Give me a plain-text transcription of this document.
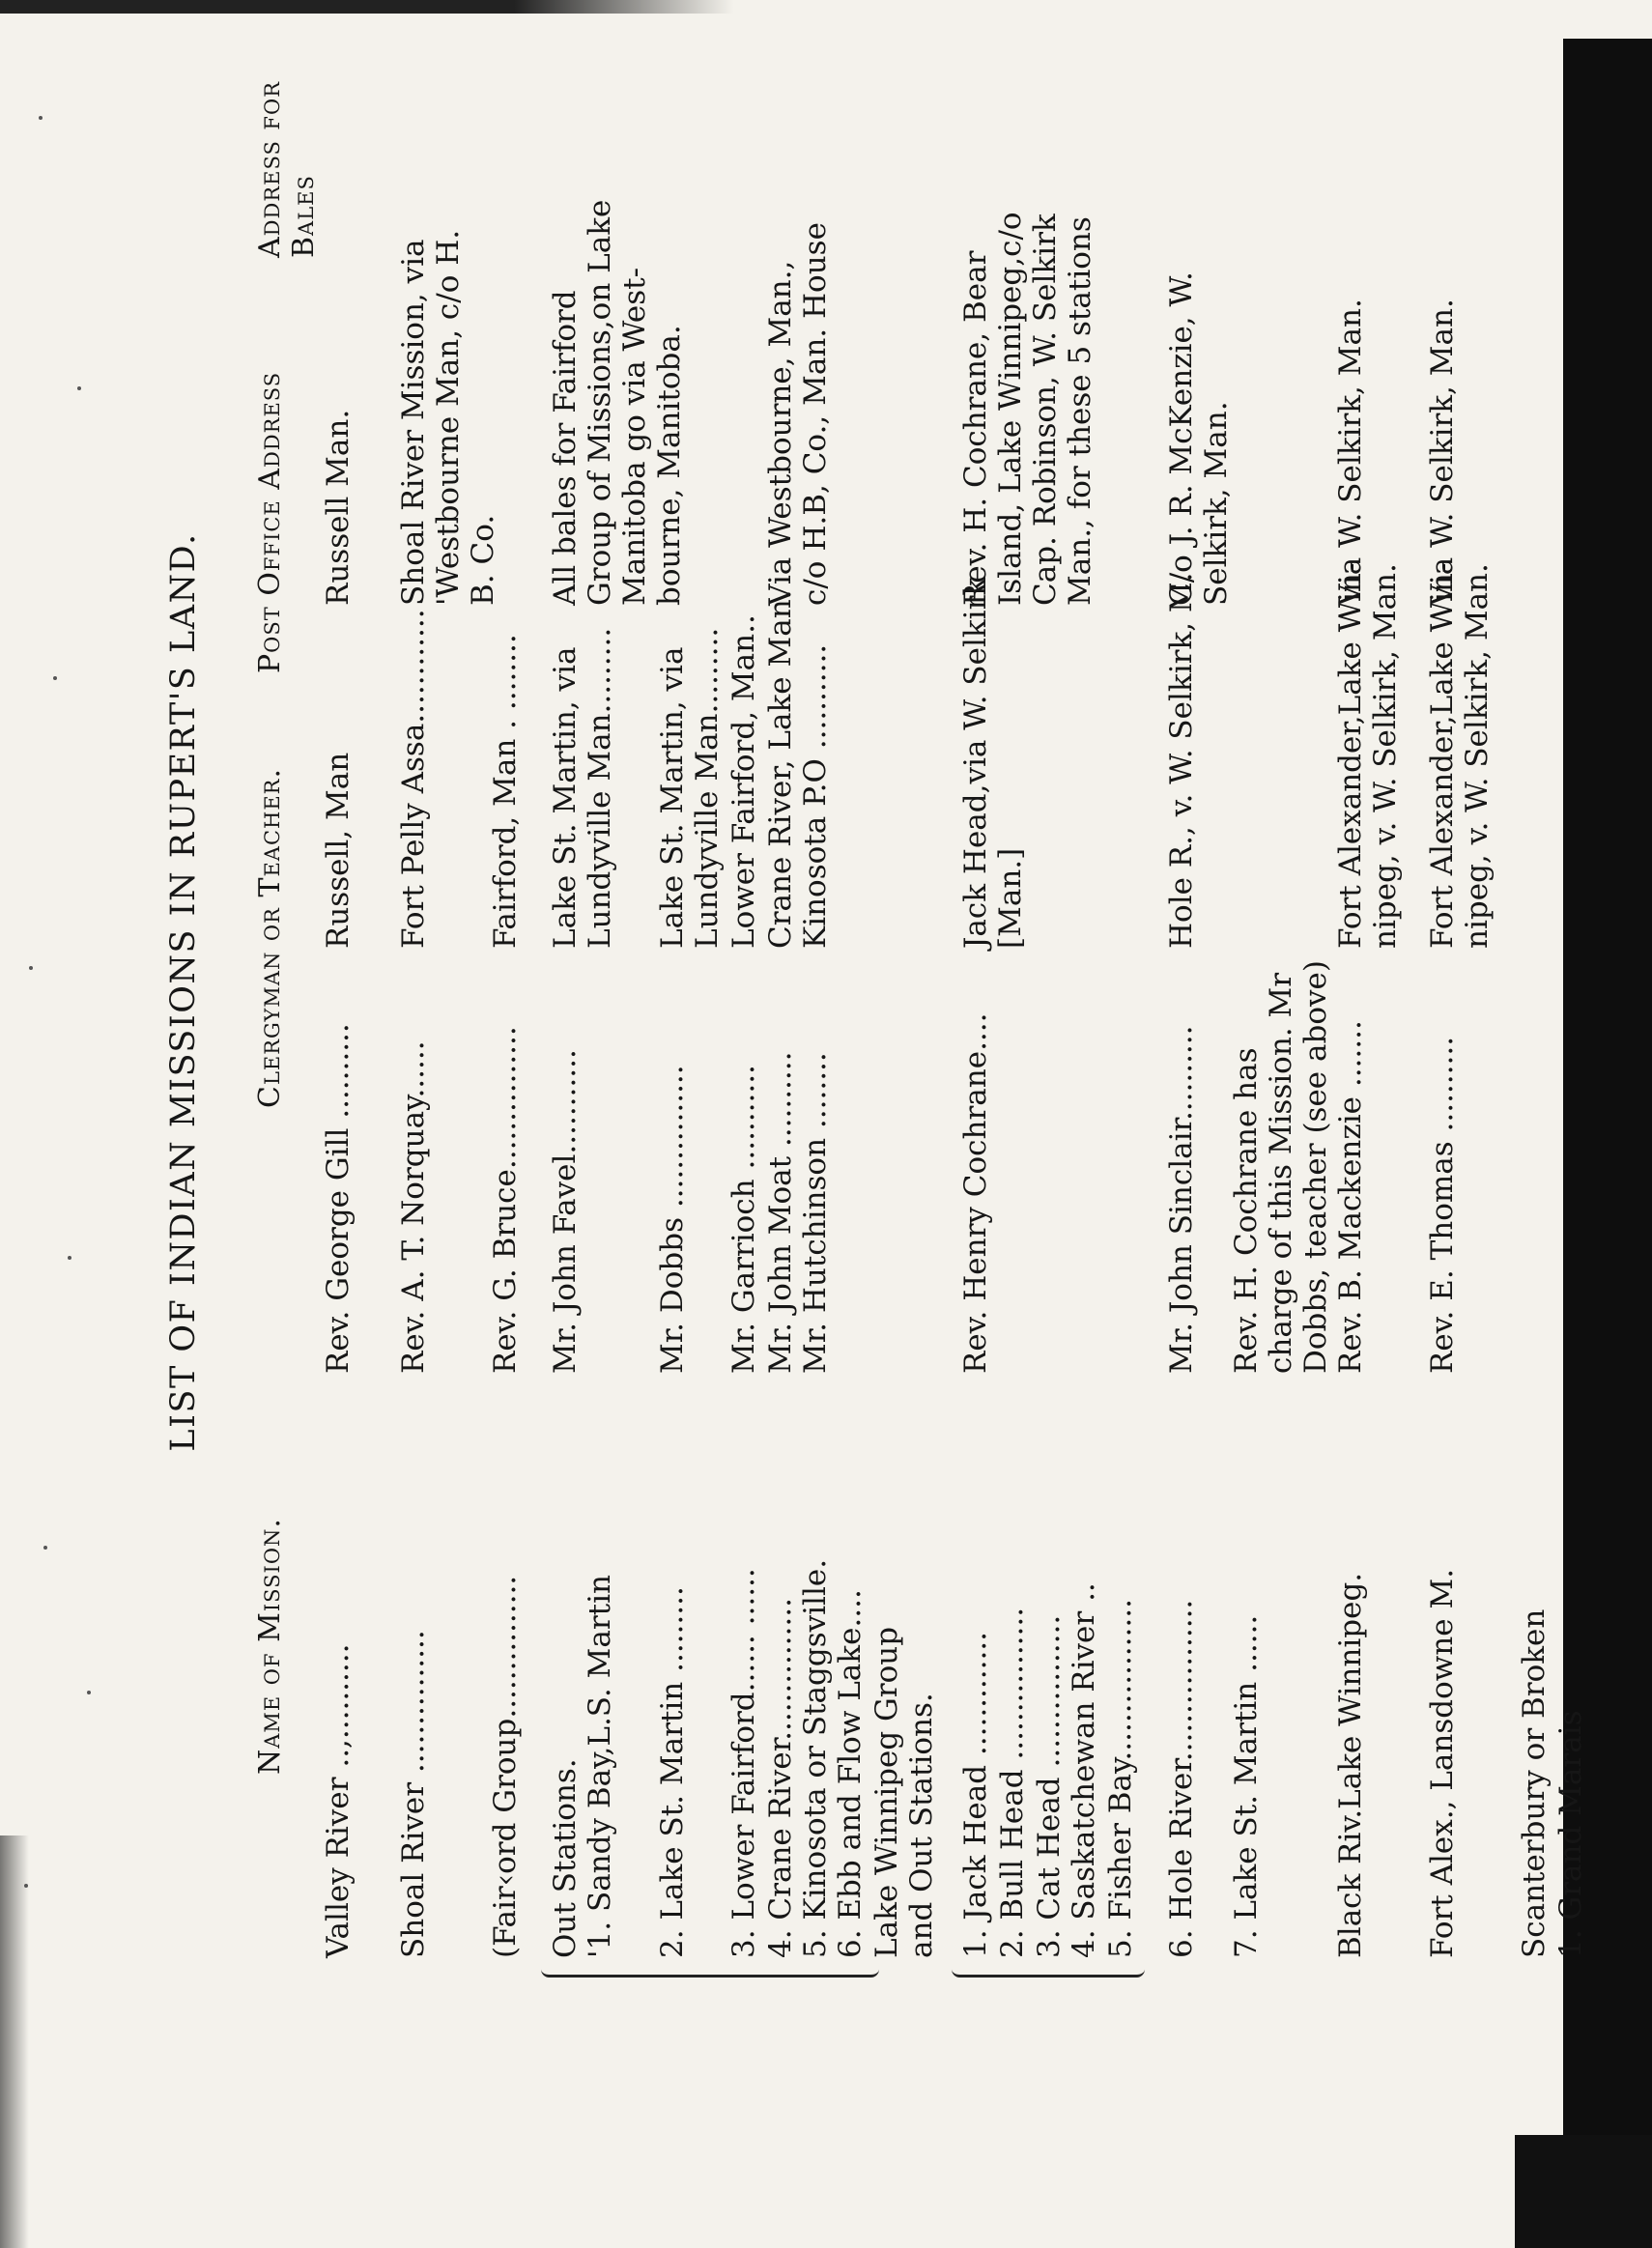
LIST OF INDIAN MISSIONS IN RUPERT'S LAND.
Name of Mission.
Clergyman or Teacher.
Post Office Address
Address for Bales
Valley River ..,..........
Rev. George Gill ..........
Russell, Man
Russell Man.
Shoal River ...............
Rev. A. T. Norquay......
Fort Pelly Assa............
Shoal River Mission, via
'Westbourne Man, c/o H.
B. Co.
(Fair‹ord Group...............
Rev. G. Bruce...............
Fairford, Man . ........
Out Stations.
'1. Sandy Bay,L.S. Martin
Mr. John Favel...........
Lake St. Martin, via
Lundyville Man.........
All bales for Fairford
Group of Missions,on Lake
Manitoba go via West-
bourne, Manitoba.
2. Lake St. Martin .........
Mr. Dobbs ...............
Lake St. Martin, via
Lundyville Man.........
3. Lower Fairford...... ......
Mr. Garrioch ...........
Lower Fairford, Man..
4. Crane River...............
Mr. John Moat ..........
Crane River, Lake Man.
Via Westbourne, Man.,
5. Kinosota or Staggsville.
Mr. Hutchinson ........
Kinosota P.O ...........
c/o H.B, Co., Man. House
6. Ebb and Flow Lake.... Lake Winnipeg Group
and Out Stations. 1. Jack Head .............
Rev. Henry Cochrane....
Jack Head,via W. Selkirk
[Man.]
Rev. H. Cochrane, Bear
Island, Lake Winnipeg,c/o
Cap. Robinson, W. Selkirk
Man., for these 5 stations
2. Bull Head ................ 3. Cat Head ................ 4. Saskatchewan River .. 5. Fisher Bay................. 6. Hole River.................
Mr. John Sinclair..........
Hole R., v. W. Selkirk, M.
C/o J. R. McKenzie, W.
Selkirk, Man.
7. Lake St. Martin ......
Rev. H. Cochrane has
charge of this Mission. Mr
Dobbs, teacher (see above)
Black Riv.Lake Winnipeg.
Rev. B. Mackenzie .......
Fort Alexander,Lake Win-
nipeg, v. W. Selkirk, Man.
Via W. Selkirk, Man.
Fort Alex., Lansdowne M.
Rev. E. Thomas ..........
Fort Alexander,Lake Win-
nipeg, v. W. Selkirk, Man.
Via W. Selkirk, Man.
Scanterbury or Broken 1. Grand Marais
